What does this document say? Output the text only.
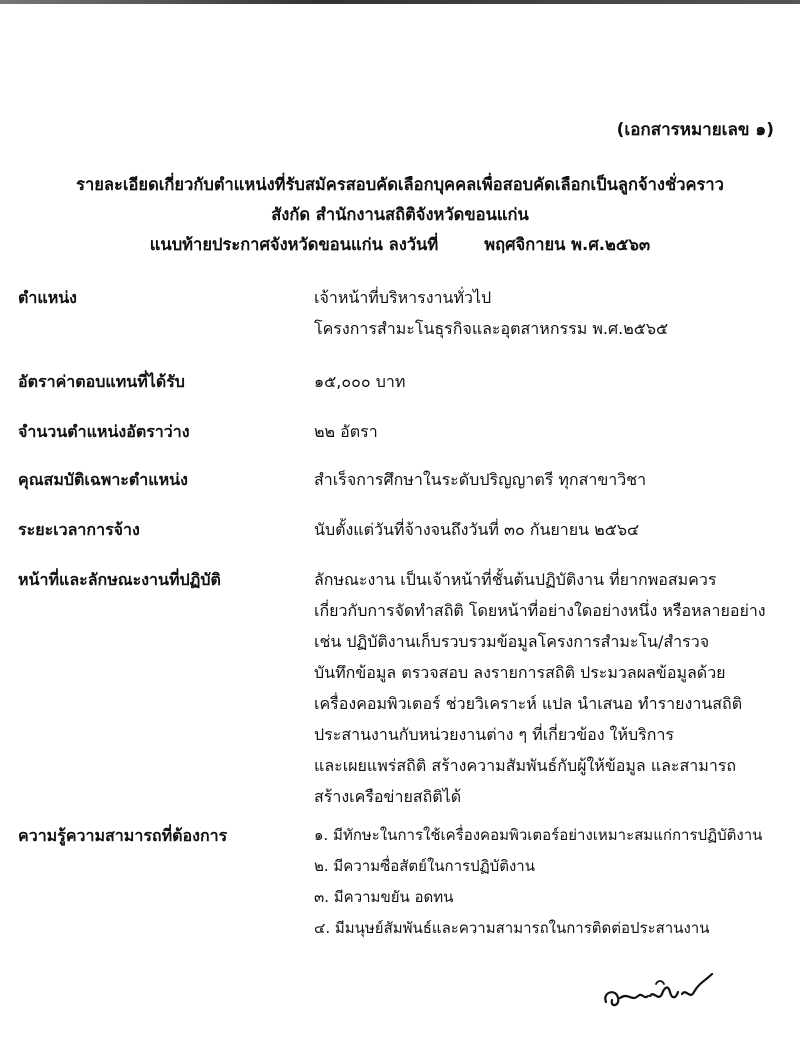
(เอกสารหมายเลข ๑)
รายละเอียดเกี่ยวกับตำแหน่งที่รับสมัครสอบคัดเลือกบุคคลเพื่อสอบคัดเลือกเป็นลูกจ้างชั่วคราว
สังกัด สำนักงานสถิติจังหวัดขอนแก่น
แนบท้ายประกาศจังหวัดขอนแก่น ลงวันที่	พฤศจิกายน พ.ศ.๒๕๖๓
ตำแหน่ง	เจ้าหน้าที่บริหารงานทั่วไป
โครงการสำมะโนธุรกิจและอุตสาหกรรม พ.ศ.๒๕๖๕
อัตราค่าตอบแทนที่ได้รับ	๑๕,๐๐๐ บาท
จำนวนตำแหน่งอัตราว่าง	๒๒ อัตรา
คุณสมบัติเฉพาะตำแหน่ง	สำเร็จการศึกษาในระดับปริญญาตรี ทุกสาขาวิชา
ระยะเวลาการจ้าง	นับตั้งแต่วันที่จ้างจนถึงวันที่ ๓๐ กันยายน ๒๕๖๔
หน้าที่และลักษณะงานที่ปฏิบัติ	ลักษณะงาน เป็นเจ้าหน้าที่ชั้นต้นปฏิบัติงาน ที่ยากพอสมควร
เกี่ยวกับการจัดทำสถิติ โดยหน้าที่อย่างใดอย่างหนึ่ง หรือหลายอย่าง
เช่น ปฏิบัติงานเก็บรวบรวมข้อมูลโครงการสำมะโน/สำรวจ
บันทึกข้อมูล ตรวจสอบ ลงรายการสถิติ ประมวลผลข้อมูลด้วย
เครื่องคอมพิวเตอร์ ช่วยวิเคราะห์ แปล นำเสนอ ทำรายงานสถิติ
ประสานงานกับหน่วยงานต่าง ๆ ที่เกี่ยวข้อง ให้บริการ
และเผยแพร่สถิติ สร้างความสัมพันธ์กับผู้ให้ข้อมูล และสามารถ
สร้างเครือข่ายสถิติได้
ความรู้ความสามารถที่ต้องการ	๑. มีทักษะในการใช้เครื่องคอมพิวเตอร์อย่างเหมาะสมแก่การปฏิบัติงาน
๒. มีความซื่อสัตย์ในการปฏิบัติงาน
๓. มีความขยัน อดทน
๔. มีมนุษย์สัมพันธ์และความสามารถในการติดต่อประสานงาน
